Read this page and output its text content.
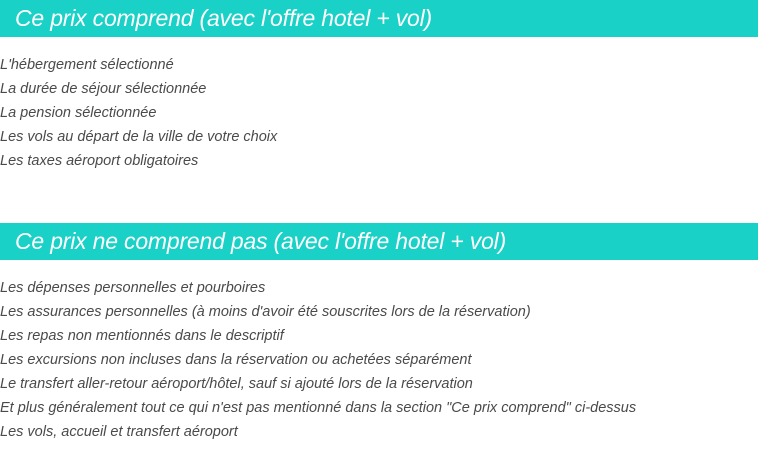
Ce prix comprend (avec l'offre hotel + vol)
L'hébergement sélectionné
La durée de séjour sélectionnée
La pension sélectionnée
Les vols au départ de la ville de votre choix
Les taxes aéroport obligatoires
Ce prix ne comprend pas (avec l'offre hotel + vol)
Les dépenses personnelles et pourboires
Les assurances personnelles (à moins d'avoir été souscrites lors de la réservation)
Les repas non mentionnés dans le descriptif
Les excursions non incluses dans la réservation ou achetées séparément
Le transfert aller-retour aéroport/hôtel, sauf si ajouté lors de la réservation
Et plus généralement tout ce qui n'est pas mentionné dans la section "Ce prix comprend" ci-dessus
Les vols, accueil et transfert aéroport
